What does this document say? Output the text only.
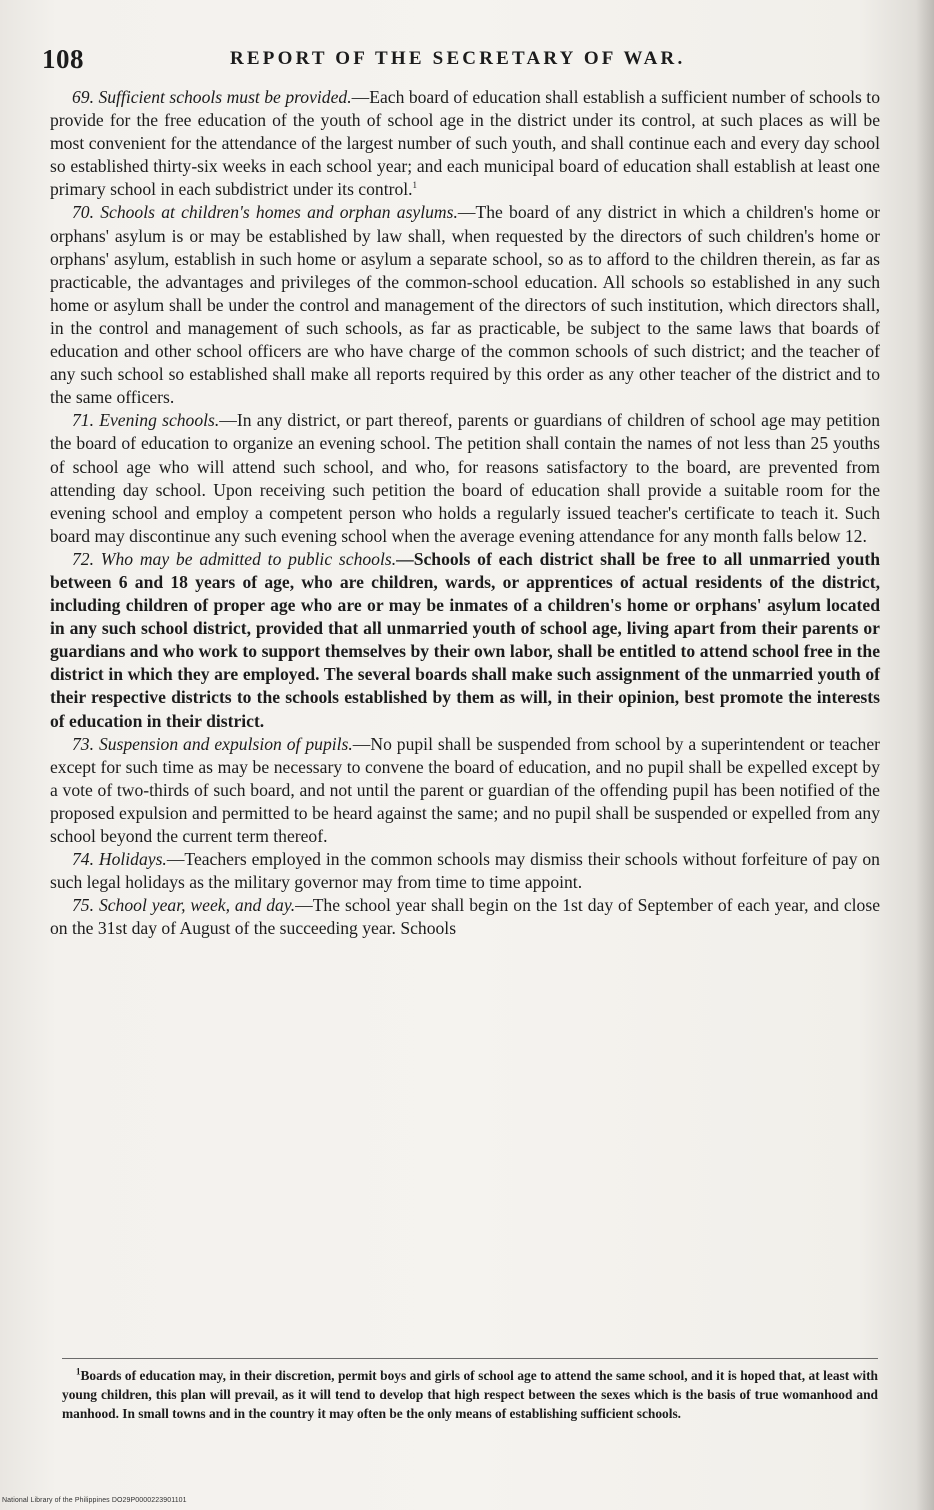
108	REPORT OF THE SECRETARY OF WAR.

69. Sufficient schools must be provided.—Each board of education shall establish a sufficient number of schools to provide for the free education of the youth of school age in the district under its control, at such places as will be most convenient for the attendance of the largest number of such youth, and shall continue each and every day school so established thirty-six weeks in each school year; and each municipal board of education shall establish at least one primary school in each subdistrict under its control.$^1$

70. Schools at children's homes and orphan asylums.—The board of any district in which a children's home or orphans' asylum is or may be established by law shall, when requested by the directors of such children's home or orphans' asylum, establish in such home or asylum a separate school, so as to afford to the children therein, as far as practicable, the advantages and privileges of the common-school education. All schools so established in any such home or asylum shall be under the control and management of the directors of such institution, which directors shall, in the control and management of such schools, as far as practicable, be subject to the same laws that boards of education and other school officers are who have charge of the common schools of such district; and the teacher of any such school so established shall make all reports required by this order as any other teacher of the district and to the same officers.

71. Evening schools.—In any district, or part thereof, parents or guardians of children of school age may petition the board of education to organize an evening school. The petition shall contain the names of not less than 25 youths of school age who will attend such school, and who, for reasons satisfactory to the board, are prevented from attending day school. Upon receiving such petition the board of education shall provide a suitable room for the evening school and employ a competent person who holds a regularly issued teacher's certificate to teach it. Such board may discontinue any such evening school when the average evening attendance for any month falls below 12.

72. Who may be admitted to public schools.—Schools of each district shall be free to all unmarried youth between 6 and 18 years of age, who are children, wards, or apprentices of actual residents of the district, including children of proper age who are or may be inmates of a children's home or orphans' asylum located in any such school district, provided that all unmarried youth of school age, living apart from their parents or guardians and who work to support themselves by their own labor, shall be entitled to attend school free in the district in which they are employed. The several boards shall make such assignment of the unmarried youth of their respective districts to the schools established by them as will, in their opinion, best promote the interests of education in their district.

73. Suspension and expulsion of pupils.—No pupil shall be suspended from school by a superintendent or teacher except for such time as may be necessary to convene the board of education, and no pupil shall be expelled except by a vote of two-thirds of such board, and not until the parent or guardian of the offending pupil has been notified of the proposed expulsion and permitted to be heard against the same; and no pupil shall be suspended or expelled from any school beyond the current term thereof.

74. Holidays.—Teachers employed in the common schools may dismiss their schools without forfeiture of pay on such legal holidays as the military governor may from time to time appoint.

75. School year, week, and day.—The school year shall begin on the 1st day of September of each year, and close on the 31st day of August of the succeeding year. Schools

$^1$Boards of education may, in their discretion, permit boys and girls of school age to attend the same school, and it is hoped that, at least with young children, this plan will prevail, as it will tend to develop that high respect between the sexes which is the basis of true womanhood and manhood. In small towns and in the country it may often be the only means of establishing sufficient schools.

National Library of the Philippines DO29P0000223901101
